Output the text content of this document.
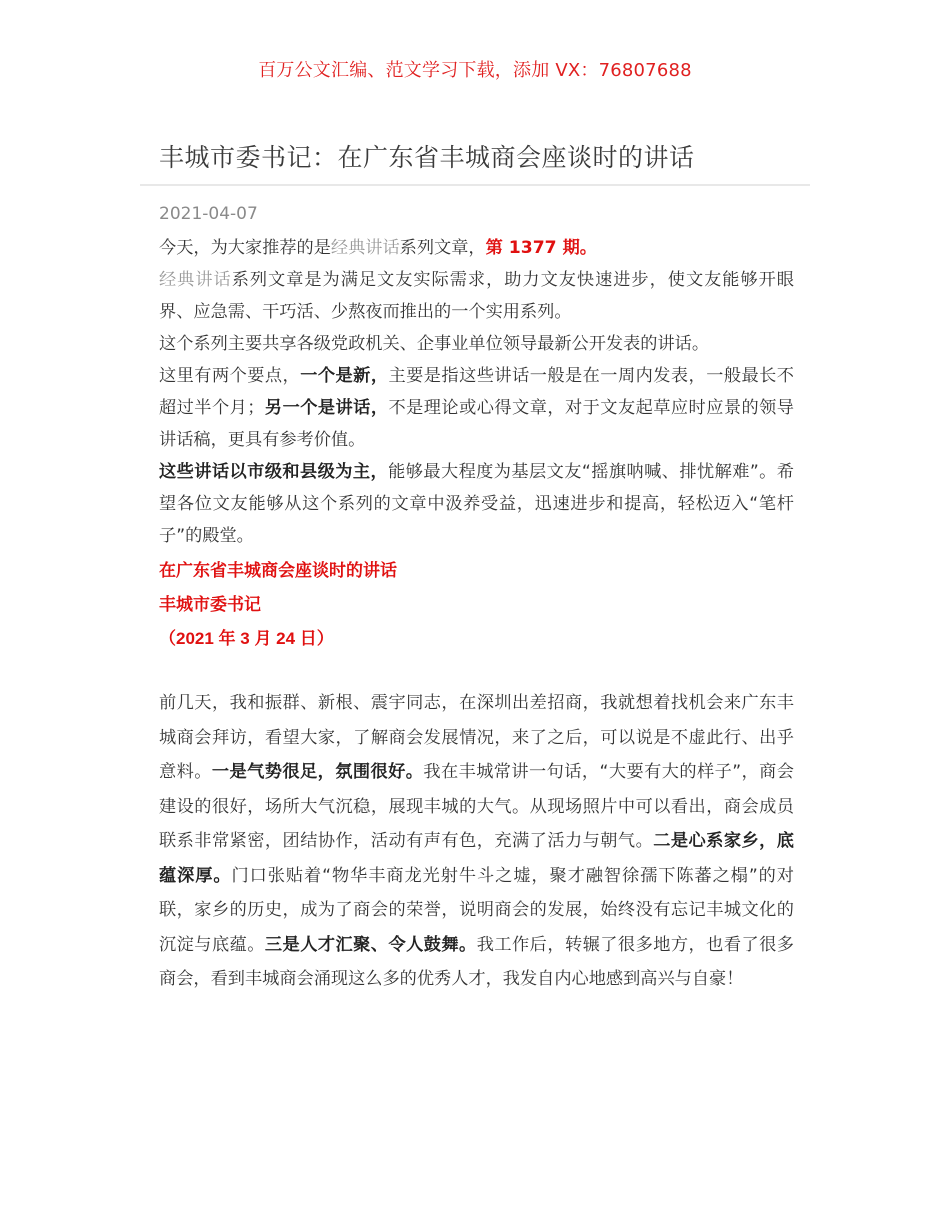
百万公文汇编、范文学习下载，添加 VX：76807688
丰城市委书记：在广东省丰城商会座谈时的讲话
2021-04-07

今天，为大家推荐的是经典讲话系列文章，第 1377 期。

经典讲话系列文章是为满足文友实际需求，助力文友快速进步，使文友能够开眼界、应急需、干巧活、少熬夜而推出的一个实用系列。

这个系列主要共享各级党政机关、企事业单位领导最新公开发表的讲话。

这里有两个要点，一个是新，主要是指这些讲话一般是在一周内发表，一般最长不超过半个月；另一个是讲话，不是理论或心得文章，对于文友起草应时应景的领导讲话稿，更具有参考价值。

这些讲话以市级和县级为主，能够最大程度为基层文友“摇旗呐喊、排忧解难”。希望各位文友能够从这个系列的文章中汲养受益，迅速进步和提高，轻松迈入“笔杆子”的殿堂。

在广东省丰城商会座谈时的讲话
丰城市委书记
（2021 年 3 月 24 日）

前几天，我和振群、新根、震宇同志，在深圳出差招商，我就想着找机会来广东丰城商会拜访，看望大家，了解商会发展情况，来了之后，可以说是不虚此行、出乎意料。一是气势很足，氛围很好。我在丰城常讲一句话，“大要有大的样子”，商会建设的很好，场所大气沉稳，展现丰城的大气。从现场照片中可以看出，商会成员联系非常紧密，团结协作，活动有声有色，充满了活力与朝气。二是心系家乡，底蕴深厚。门口张贴着“物华丰商龙光射牛斗之墟，聚才融智徐孺下陈蕃之榻”的对联，家乡的历史，成为了商会的荣誉，说明商会的发展，始终没有忘记丰城文化的沉淀与底蕴。三是人才汇聚、令人鼓舞。我工作后，转辗了很多地方，也看了很多商会，看到丰城商会涌现这么多的优秀人才，我发自内心地感到高兴与自豪！
